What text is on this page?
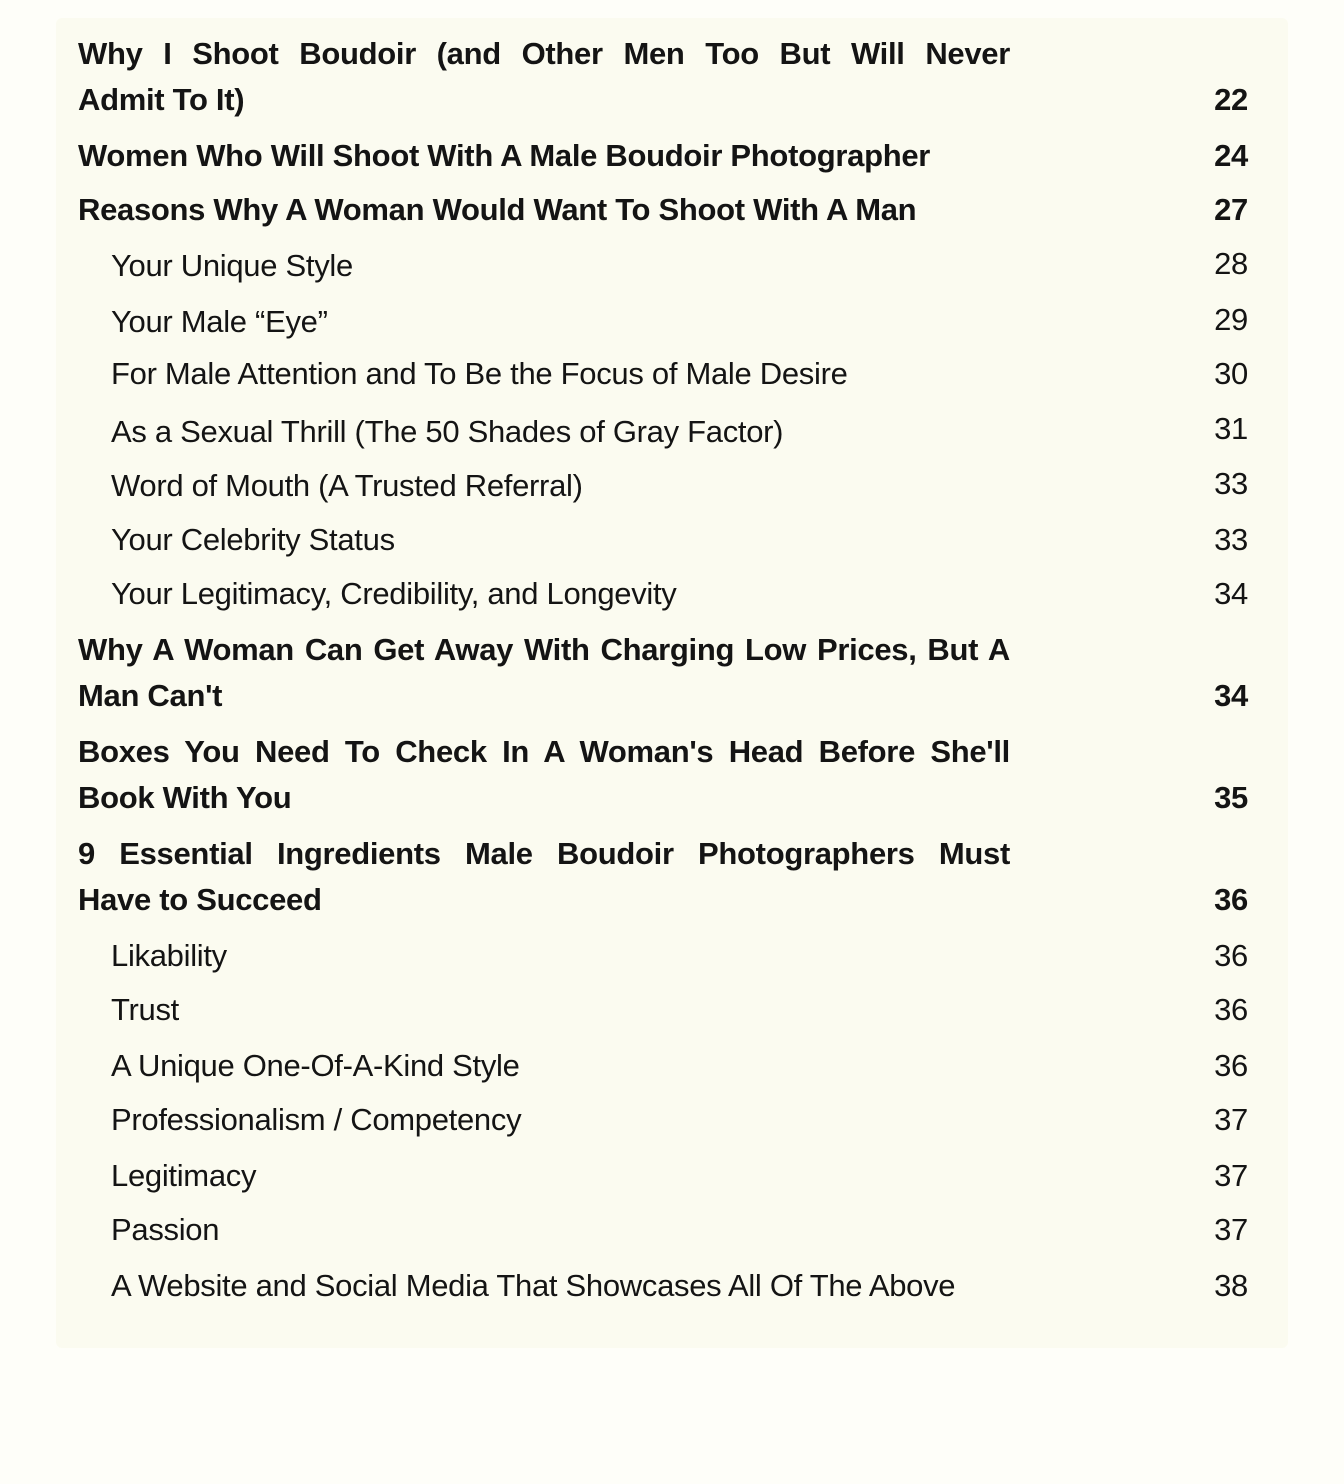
Why I Shoot Boudoir (and Other Men Too But Will Never
Admit To It)	22
Women Who Will Shoot With A Male Boudoir Photographer	24
Reasons Why A Woman Would Want To Shoot With A Man	27
Your Unique Style	28
Your Male “Eye”	29
For Male Attention and To Be the Focus of Male Desire	30
As a Sexual Thrill (The 50 Shades of Gray Factor)	31
Word of Mouth (A Trusted Referral)	33
Your Celebrity Status	33
Your Legitimacy, Credibility, and Longevity	34
Why A Woman Can Get Away With Charging Low Prices, But A
Man Can't	34
Boxes You Need To Check In A Woman's Head Before She'll
Book With You	35
9 Essential Ingredients Male Boudoir Photographers Must
Have to Succeed	36
Likability	36
Trust	36
A Unique One-Of-A-Kind Style	36
Professionalism / Competency	37
Legitimacy	37
Passion	37
A Website and Social Media That Showcases All Of The Above	38
